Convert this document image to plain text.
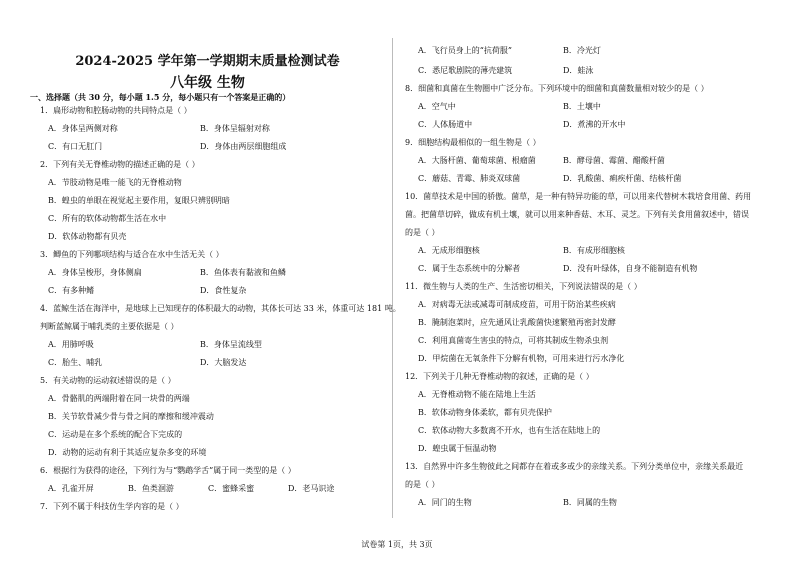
2024-2025 学年第一学期期末质量检测试卷
八年级 生物
一、选择题（共 30 分，每小题 1.5 分，每小题只有一个答案是正确的）
1．扁形动物和腔肠动物的共同特点是（ ）
A．身体呈两侧对称	B．身体呈辐射对称
C．有口无肛门	D．身体由两层细胞组成
2．下列有关无脊椎动物的描述正确的是（ ）
A．节肢动物是唯一能飞的无脊椎动物
B．蝗虫的单眼在视觉起主要作用，复眼只辨别明暗
C．所有的软体动物都生活在水中
D．软体动物都有贝壳
3．鲫鱼的下列哪项结构与适合在水中生活无关（ ）
A．身体呈梭形，身体侧扁	B．鱼体表有黏液和鱼鳞
C．有多种鳍	D．食性复杂
4．蓝鲸生活在海洋中，是地球上已知现存的体积最大的动物，其体长可达 33 米，体重可达 181 吨。
判断蓝鲸属于哺乳类的主要依据是（ ）
A．用肺呼吸	B．身体呈流线型
C．胎生、哺乳	D．大脑发达
5．有关动物的运动叙述错误的是（ ）
A．骨骼肌的两端附着在同一块骨的两端
B．关节软骨减少骨与骨之间的摩擦和缓冲震动
C．运动是在多个系统的配合下完成的
D．动物的运动有利于其适应复杂多变的环境
6．根据行为获得的途径，下列行为与“鹦鹉学舌”属于同一类型的是（ ）
A．孔雀开屏	B．鱼类洄游	C．蜜蜂采蜜	D．老马识途
7．下列不属于科技仿生学内容的是（ ）
A．飞行员身上的“抗荷服”	B．冷光灯
C．悉尼歌剧院的薄壳建筑	D．蛙泳
8．细菌和真菌在生物圈中广泛分布。下列环境中的细菌和真菌数量相对较少的是（ ）
A．空气中	B．土壤中
C．人体肠道中	D．煮沸的开水中
9．细胞结构最相似的一组生物是（ ）
A．大肠杆菌、葡萄球菌、根瘤菌	B．酵母菌、霉菌、醋酸杆菌
C．蘑菇、青霉、肺炎双球菌	D．乳酸菌、痢疾杆菌、结核杆菌
10．菌草技术是中国的骄傲。菌草，是一种有特异功能的草，可以用来代替树木栽培食用菌、药用
菌。把菌草切碎，做成有机土壤，就可以用来种香菇、木耳、灵芝。下列有关食用菌叙述中，错误
的是（ ）
A．无成形细胞核	B．有成形细胞核
C．属于生态系统中的分解者	D．没有叶绿体，自身不能制造有机物
11．微生物与人类的生产、生活密切相关，下列说法错误的是（ ）
A．对病毒无法或减毒可制成疫苗，可用于防治某些疾病
B．腌制泡菜时，应先通风让乳酸菌快速繁殖再密封发酵
C．利用真菌寄生害虫的特点，可将其制成生物杀虫剂
D．甲烷菌在无氧条件下分解有机物，可用来进行污水净化
12．下列关于几种无脊椎动物的叙述，正确的是（ ）
A．无脊椎动物不能在陆地上生活
B．软体动物身体柔软，都有贝壳保护
C．软体动物大多数离不开水，也有生活在陆地上的
D．蝗虫属于恒温动物
13．自然界中许多生物彼此之间都存在着或多或少的亲缘关系。下列分类单位中，亲缘关系最近
的是（ ）
A．同门的生物	B．同属的生物
试卷第 1页，共 3页
